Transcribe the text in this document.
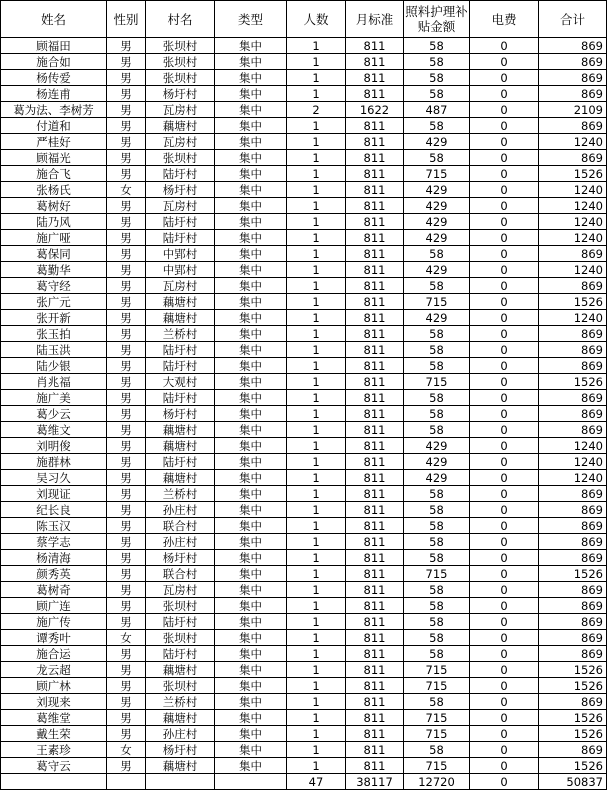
姓名	性别	村名	类型	人数	月标准	照料护理补贴金额	电费	合计
顾福田	男	张坝村	集中	1	811	58	0	869
施合如	男	张坝村	集中	1	811	58	0	869
杨传爱	男	张坝村	集中	1	811	58	0	869
杨连甫	男	杨圩村	集中	1	811	58	0	869
葛为法、李树芳	男	瓦房村	集中	2	1622	487	0	2109
付道和	男	藕塘村	集中	1	811	58	0	869
严桂好	男	瓦房村	集中	1	811	429	0	1240
顾福光	男	张坝村	集中	1	811	58	0	869
施合飞	男	陆圩村	集中	1	811	715	0	1526
张杨氏	女	杨圩村	集中	1	811	429	0	1240
葛树好	男	瓦房村	集中	1	811	429	0	1240
陆乃风	男	陆圩村	集中	1	811	429	0	1240
施广哑	男	陆圩村	集中	1	811	429	0	1240
葛保同	男	中郢村	集中	1	811	58	0	869
葛勤华	男	中郢村	集中	1	811	429	0	1240
葛守经	男	瓦房村	集中	1	811	58	0	869
张广元	男	藕塘村	集中	1	811	715	0	1526
张开新	男	藕塘村	集中	1	811	429	0	1240
张玉拍	男	兰桥村	集中	1	811	58	0	869
陆玉洪	男	陆圩村	集中	1	811	58	0	869
陆少银	男	陆圩村	集中	1	811	58	0	869
肖兆福	男	大观村	集中	1	811	715	0	1526
施广美	男	陆圩村	集中	1	811	58	0	869
葛少云	男	杨圩村	集中	1	811	58	0	869
葛维文	男	藕塘村	集中	1	811	58	0	869
刘明俊	男	藕塘村	集中	1	811	429	0	1240
施群林	男	陆圩村	集中	1	811	429	0	1240
吴习久	男	藕塘村	集中	1	811	429	0	1240
刘现证	男	兰桥村	集中	1	811	58	0	869
纪长良	男	孙庄村	集中	1	811	58	0	869
陈玉汉	男	联合村	集中	1	811	58	0	869
蔡学志	男	孙庄村	集中	1	811	58	0	869
杨清海	男	杨圩村	集中	1	811	58	0	869
颜秀英	男	联合村	集中	1	811	715	0	1526
葛树奇	男	瓦房村	集中	1	811	58	0	869
顾广连	男	张坝村	集中	1	811	58	0	869
施广传	男	陆圩村	集中	1	811	58	0	869
谭秀叶	女	张坝村	集中	1	811	58	0	869
施合运	男	陆圩村	集中	1	811	58	0	869
龙云超	男	藕塘村	集中	1	811	715	0	1526
顾广林	男	张坝村	集中	1	811	715	0	1526
刘现来	男	兰桥村	集中	1	811	58	0	869
葛维堂	男	藕塘村	集中	1	811	715	0	1526
戴生荣	男	孙庄村	集中	1	811	715	0	1526
王素珍	女	杨圩村	集中	1	811	58	0	869
葛守云	男	藕塘村	集中	1	811	715	0	1526
				47	38117	12720	0	50837
